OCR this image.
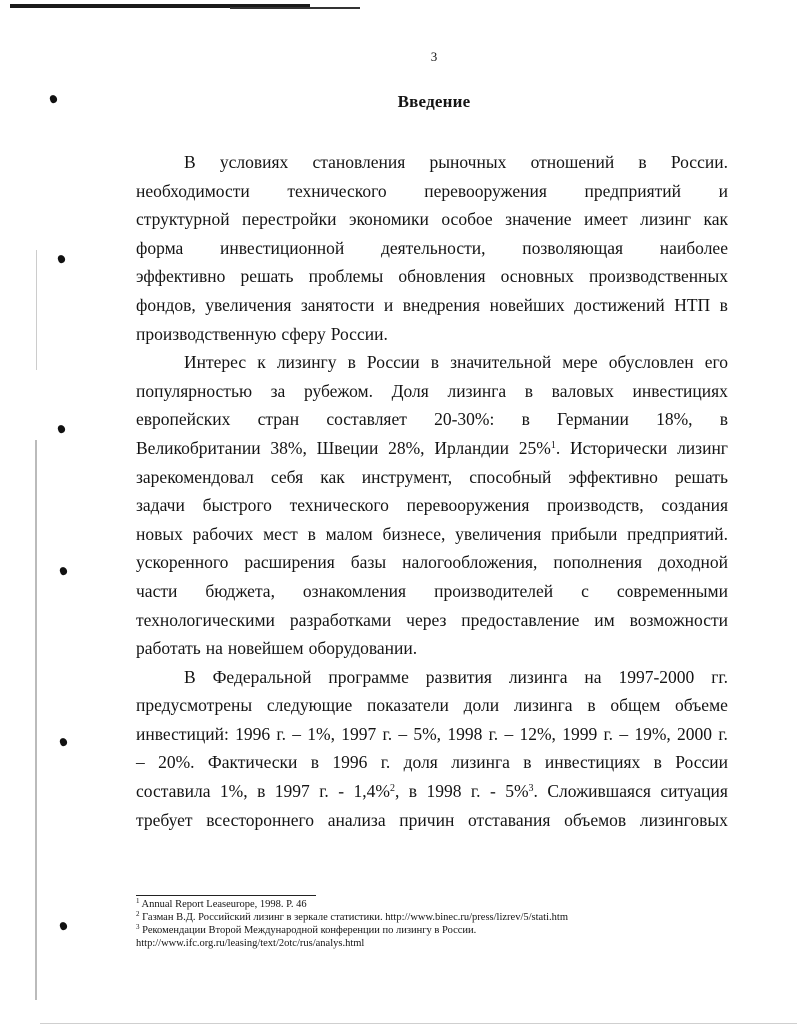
3
Введение
В условиях становления рыночных отношений в России.
необходимости технического перевооружения предприятий и
структурной перестройки экономики особое значение имеет лизинг как
форма инвестиционной деятельности, позволяющая наиболее
эффективно решать проблемы обновления основных производственных
фондов, увеличения занятости и внедрения новейших достижений НТП в
производственную сферу России.
Интерес к лизингу в России в значительной мере обусловлен его
популярностью за рубежом. Доля лизинга в валовых инвестициях
европейских стран составляет 20-30%: в Германии 18%, в
Великобритании 38%, Швеции 28%, Ирландии 25%$^1$. Исторически лизинг
зарекомендовал себя как инструмент, способный эффективно решать
задачи быстрого технического перевооружения производств, создания
новых рабочих мест в малом бизнесе, увеличения прибыли предприятий.
ускоренного расширения базы налогообложения, пополнения доходной
части бюджета, ознакомления производителей с современными
технологическими разработками через предоставление им возможности
работать на новейшем оборудовании.
В Федеральной программе развития лизинга на 1997-2000 гг.
предусмотрены следующие показатели доли лизинга в общем объеме
инвестиций: 1996 г. – 1%, 1997 г. – 5%, 1998 г. – 12%, 1999 г. – 19%, 2000 г.
– 20%. Фактически в 1996 г. доля лизинга в инвестициях в России
составила 1%, в 1997 г. - 1,4%$^2$, в 1998 г. - 5%$^3$. Сложившаяся ситуация
требует всестороннего анализа причин отставания объемов лизинговых
$^1$ Annual Report Leaseurope, 1998. P. 46
$^2$ Газман В.Д. Российский лизинг в зеркале статистики. http://www.binec.ru/press/lizrev/5/stati.htm
$^3$ Рекомендации Второй Международной конференции по лизингу в России.
http://www.ifc.org.ru/leasing/text/2otc/rus/analys.html
